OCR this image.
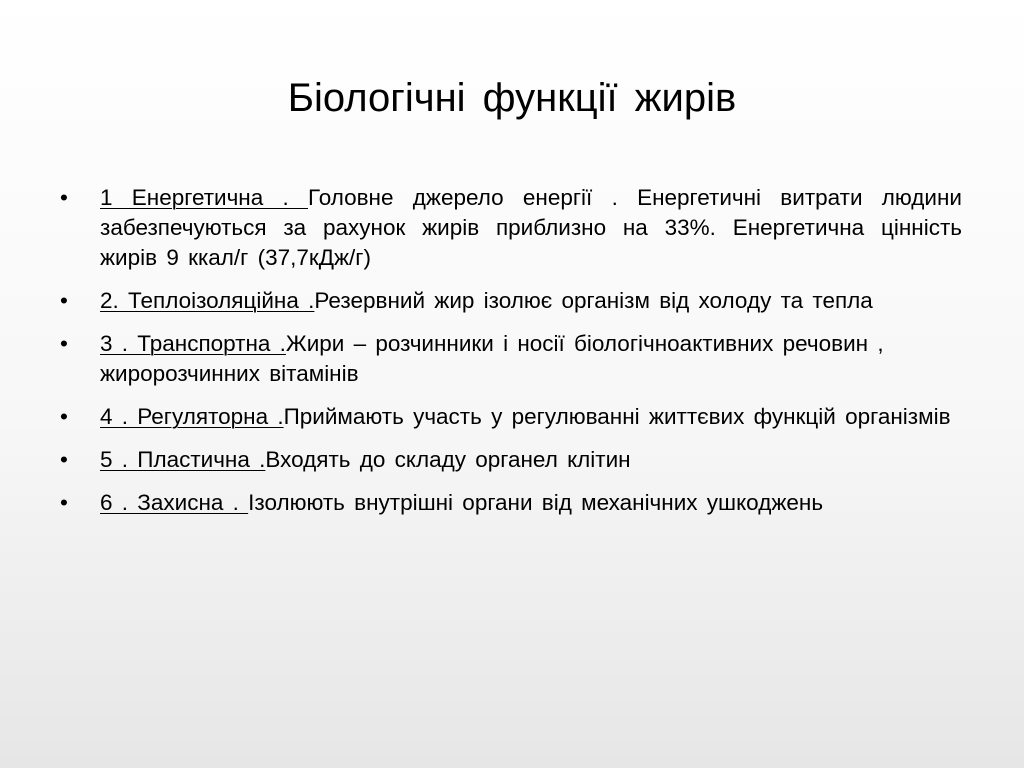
Біологічні функції жирів
• 1 Енергетична . Головне джерело енергії . Енергетичні витрати людини забезпечуються за рахунок жирів приблизно на 33%. Енергетична цінність жирів 9 ккал/г (37,7кДж/г)
• 2. Теплоізоляційна .Резервний жир ізолює організм від холоду та тепла
• 3 . Транспортна .Жири – розчинники і носії біологічноактивних речовин , жиророзчинних вітамінів
• 4 . Регуляторна .Приймають участь у регулюванні життєвих функцій організмів
• 5 . Пластична .Входять до складу органел клітин
• 6 . Захисна . Ізолюють внутрішні органи від механічних ушкоджень
